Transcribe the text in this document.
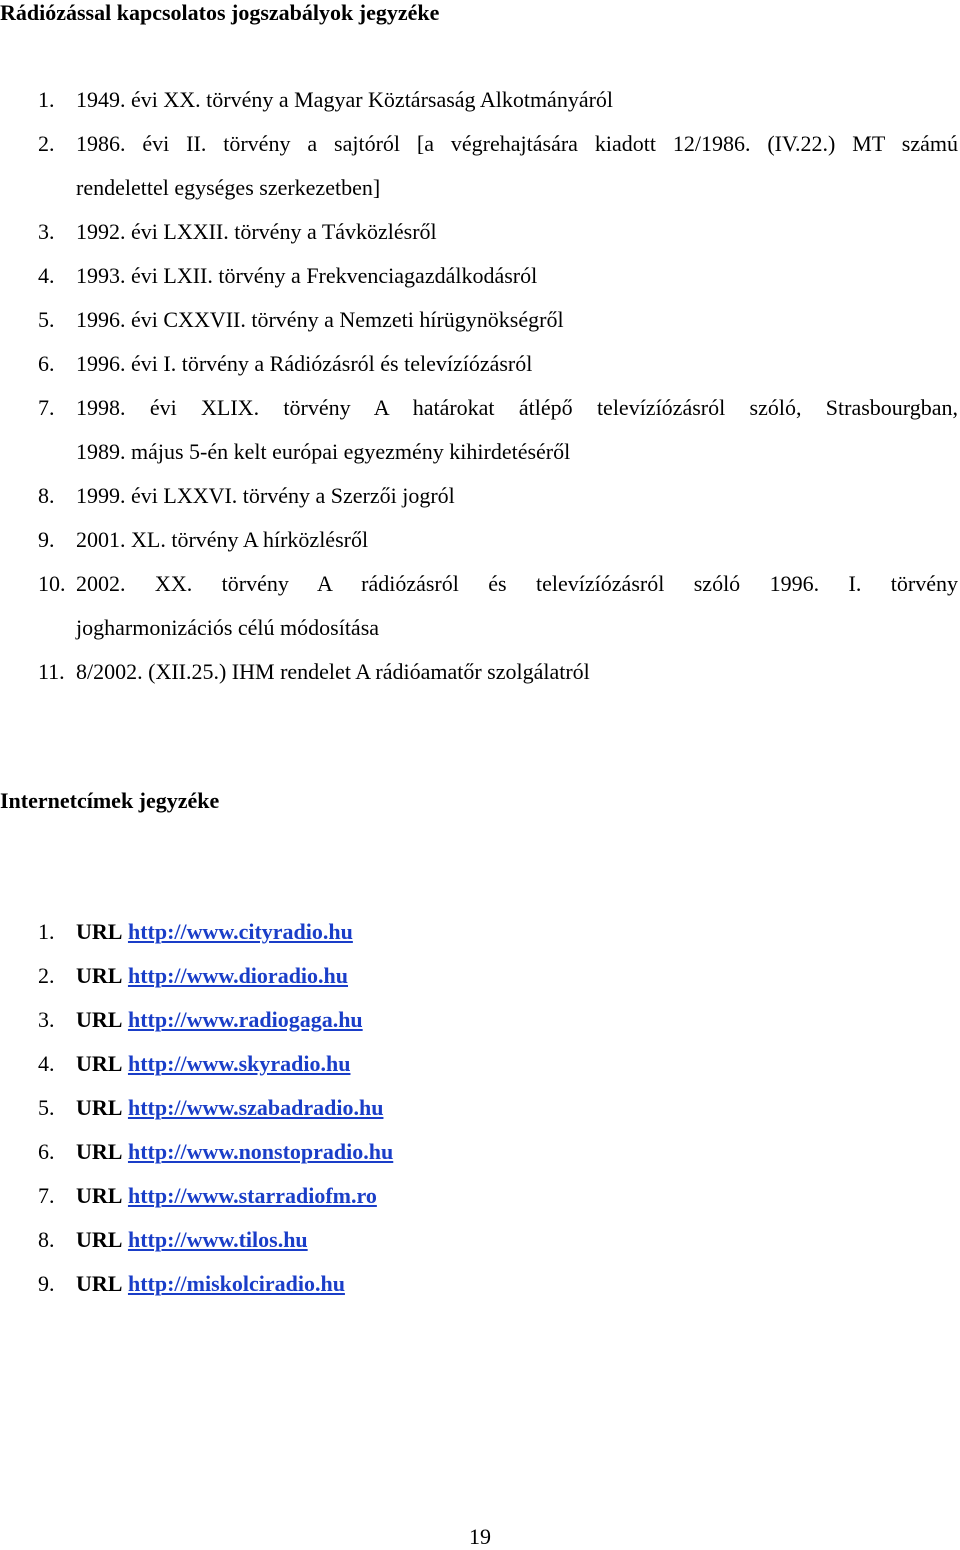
Rádiózással kapcsolatos jogszabályok jegyzéke
1. 1949. évi XX. törvény a Magyar Köztársaság Alkotmányáról
2. 1986. évi II. törvény a sajtóról [a végrehajtására kiadott 12/1986. (IV.22.) MT számú
rendelettel egységes szerkezetben]
3. 1992. évi LXXII. törvény a Távközlésről
4. 1993. évi LXII. törvény a Frekvenciagazdálkodásról
5. 1996. évi CXXVII. törvény a Nemzeti hírügynökségről
6. 1996. évi I. törvény a Rádiózásról és televízíózásról
7. 1998. évi XLIX. törvény A határokat átlépő televízíózásról szóló, Strasbourgban,
1989. május 5-én kelt európai egyezmény kihirdetéséről
8. 1999. évi LXXVI. törvény a Szerzői jogról
9. 2001. XL. törvény A hírközlésről
10. 2002. XX. törvény A rádiózásról és televízíózásról szóló 1996. I. törvény
jogharmonizációs célú módosítása
11. 8/2002. (XII.25.) IHM rendelet A rádióamatőr szolgálatról
Internetcímek jegyzéke
1. URL http://www.cityradio.hu
2. URL http://www.dioradio.hu
3. URL http://www.radiogaga.hu
4. URL http://www.skyradio.hu
5. URL http://www.szabadradio.hu
6. URL http://www.nonstopradio.hu
7. URL http://www.starradiofm.ro
8. URL http://www.tilos.hu
9. URL http://miskolciradio.hu
19
